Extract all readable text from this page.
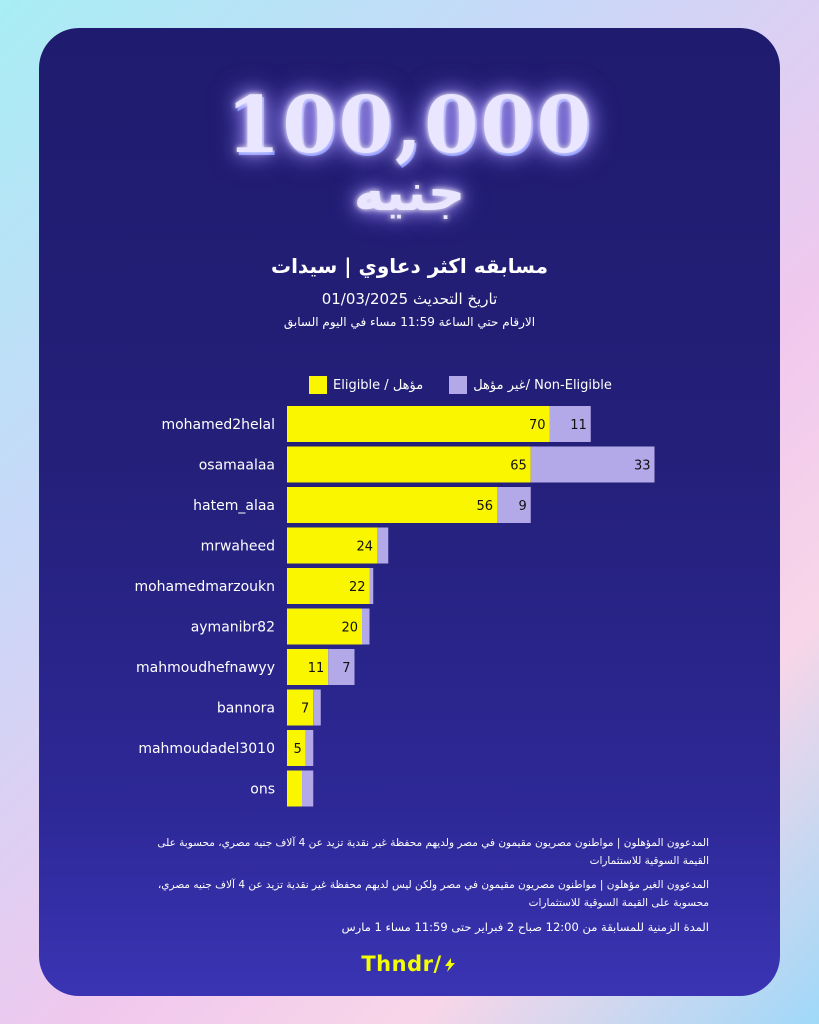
100,000
جنيه
مسابقه اكثر دعاوي | سيدات
تاريخ التحديث 01/03/2025
الارقام حتي الساعة 11:59 مساء في اليوم السابق
Eligible / مؤهل	غير مؤهل/ Non-Eligible
mohamed2helal	70 11
osamaalaa	65	33
hatem_alaa	56 9
mrwaheed	24
mohamedmarzoukn	22
aymanibr82	20
mahmoudhefnawyy	11 7
bannora 7
mahmoudadel3010 5
ons
المدعوون المؤهلون | مواطنون مصريون مقيمون في مصر ولديهم محفظة غير نقدية تزيد عن 4 آلاف جنيه مصري، محسوبة على القيمة السوقية للاستثمارات
المدعوون الغير مؤهلون | مواطنون مصريون مقيمون في مصر ولكن ليس لديهم محفظة غير نقدية تزيد عن 4 آلاف جنيه مصري، محسوبة على القيمة السوقية للاستثمارات
المدة الزمنية للمسابقة من 12:00 صباح 2 فبراير حتى 11:59 مساء 1 مارس
Thndr/
